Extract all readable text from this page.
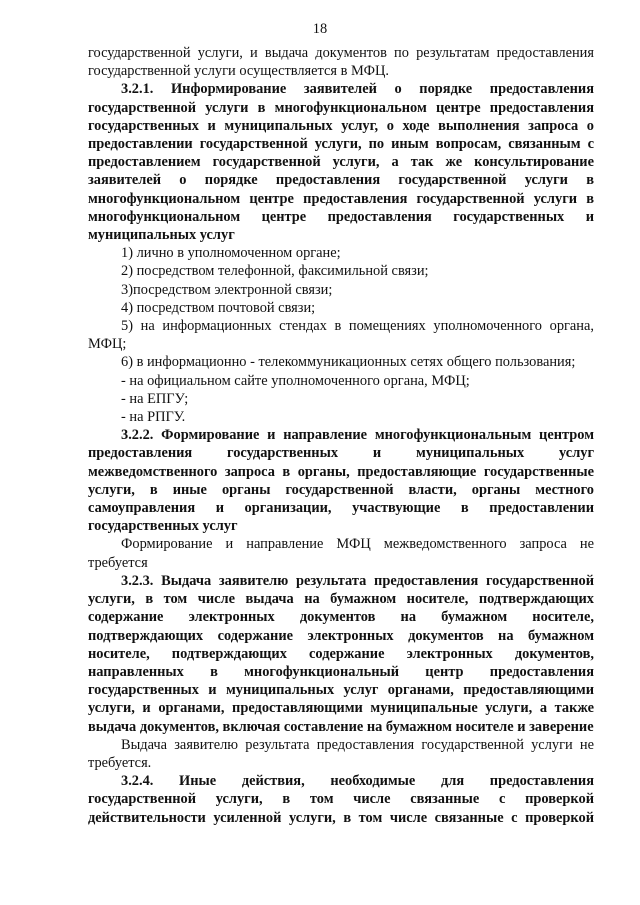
18

государственной услуги, и выдача документов по результатам предоставления государственной услуги осуществляется в МФЦ.

3.2.1. Информирование заявителей о порядке предоставления государственной услуги в многофункциональном центре предоставления государственных и муниципальных услуг, о ходе выполнения запроса о предоставлении государственной услуги, по иным вопросам, связанным с предоставлением государственной услуги, а так же консультирование заявителей о порядке предоставления государственной услуги в многофункциональном центре предоставления государственной услуги в многофункциональном центре предоставления государственных и муниципальных услуг

1) лично в уполномоченном органе;

2) посредством телефонной, факсимильной связи;

3)посредством электронной связи;

4) посредством почтовой связи;

5) на информационных стендах в помещениях уполномоченного органа, МФЦ;

6) в информационно - телекоммуникационных сетях общего пользования;

- на официальном сайте уполномоченного органа, МФЦ;

- на ЕПГУ;

- на РПГУ.

3.2.2. Формирование и направление многофункциональным центром предоставления государственных и муниципальных услуг межведомственного запроса в органы, предоставляющие государственные услуги, в иные органы государственной власти, органы местного самоуправления и организации, участвующие в предоставлении государственных услуг

Формирование и направление МФЦ межведомственного запроса не требуется

3.2.3. Выдача заявителю результата предоставления государственной услуги, в том числе выдача на бумажном носителе, подтверждающих содержание электронных документов на бумажном носителе, подтверждающих содержание электронных документов на бумажном носителе, подтверждающих содержание электронных документов, направленных в многофункциональный центр предоставления государственных и муниципальных услуг органами, предоставляющими услуги, и органами, предоставляющими муниципальные услуги, а также выдача документов, включая составление на бумажном носителе и заверение

Выдача заявителю результата предоставления государственной услуги не требуется.

3.2.4. Иные действия, необходимые для предоставления государственной услуги, в том числе связанные с проверкой действительности усиленной услуги, в том числе связанные с проверкой
